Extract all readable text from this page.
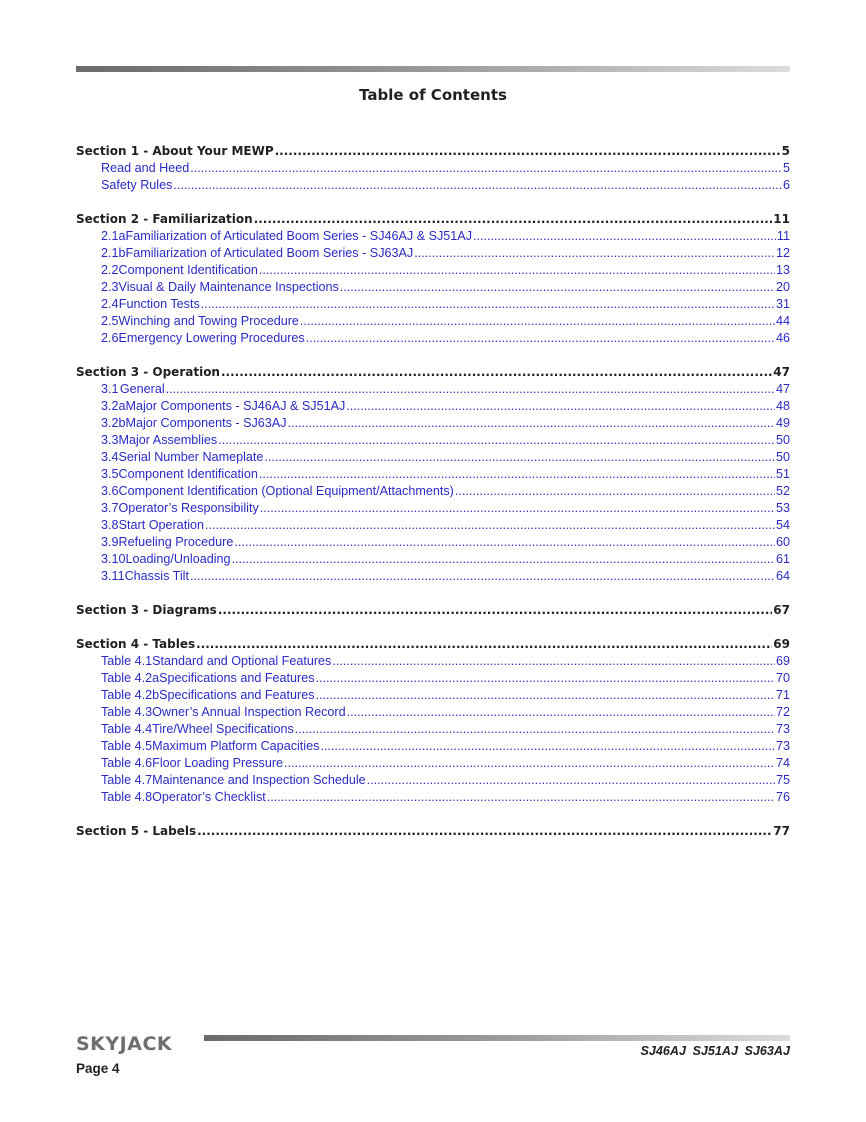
Table of Contents
Section 1 - About Your MEWP .....	5
Read and Heed .....	5
Safety Rules .....	6
Section 2 - Familiarization .....	11
2.1a Familiarization of Articulated Boom Series - SJ46AJ & SJ51AJ .....	11
2.1b Familiarization of Articulated Boom Series - SJ63AJ .....	12
2.2 Component Identification .....	13
2.3 Visual & Daily Maintenance Inspections .....	20
2.4 Function Tests .....	31
2.5 Winching and Towing Procedure .....	44
2.6 Emergency Lowering Procedures .....	46
Section 3 - Operation .....	47
3.1 General .....	47
3.2a Major Components - SJ46AJ & SJ51AJ .....	48
3.2b Major Components - SJ63AJ .....	49
3.3 Major Assemblies .....	50
3.4 Serial Number Nameplate .....	50
3.5 Component Identification .....	51
3.6 Component Identification (Optional Equipment/Attachments) .....	52
3.7 Operator’s Responsibility .....	53
3.8 Start Operation .....	54
3.9 Refueling Procedure .....	60
3.10 Loading/Unloading .....	61
3.11 Chassis Tilt .....	64
Section 3 - Diagrams .....	67
Section 4 - Tables .....	69
Table 4.1 Standard and Optional Features .....	69
Table 4.2a Specifications and Features .....	70
Table 4.2b Specifications and Features .....	71
Table 4.3 Owner’s Annual Inspection Record .....	72
Table 4.4 Tire/Wheel Specifications .....	73
Table 4.5 Maximum Platform Capacities .....	73
Table 4.6 Floor Loading Pressure .....	74
Table 4.7 Maintenance and Inspection Schedule .....	75
Table 4.8 Operator’s Checklist .....	76
Section 5 - Labels .....	77
SKYJACK	SJ46AJ SJ51AJ SJ63AJ
Page 4
